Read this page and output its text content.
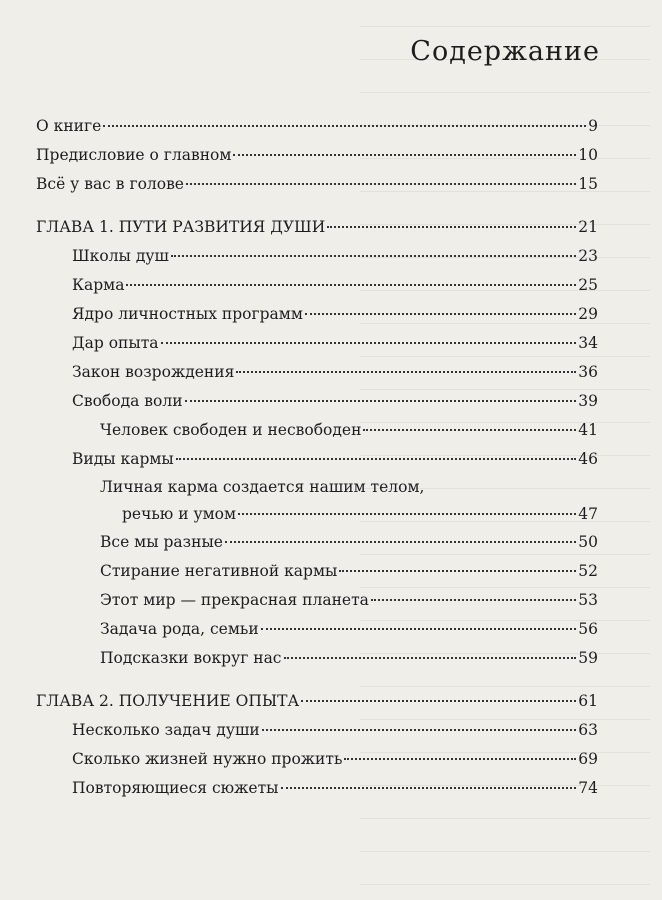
Содержание
О книге	9
Предисловие о главном	10
Всё у вас в голове	15
ГЛАВА 1. ПУТИ РАЗВИТИЯ ДУШИ	21
Школы душ	23
Карма	25
Ядро личностных программ	29
Дар опыта	34
Закон возрождения	36
Свобода воли	39
Человек свободен и несвободен	41
Виды кармы	46
Личная карма создается нашим телом,
речью и умом	47
Все мы разные	50
Стирание негативной кармы	52
Этот мир — прекрасная планета	53
Задача рода, семьи	56
Подсказки вокруг нас	59
ГЛАВА 2. ПОЛУЧЕНИЕ ОПЫТА	61
Несколько задач души	63
Сколько жизней нужно прожить	69
Повторяющиеся сюжеты	74
